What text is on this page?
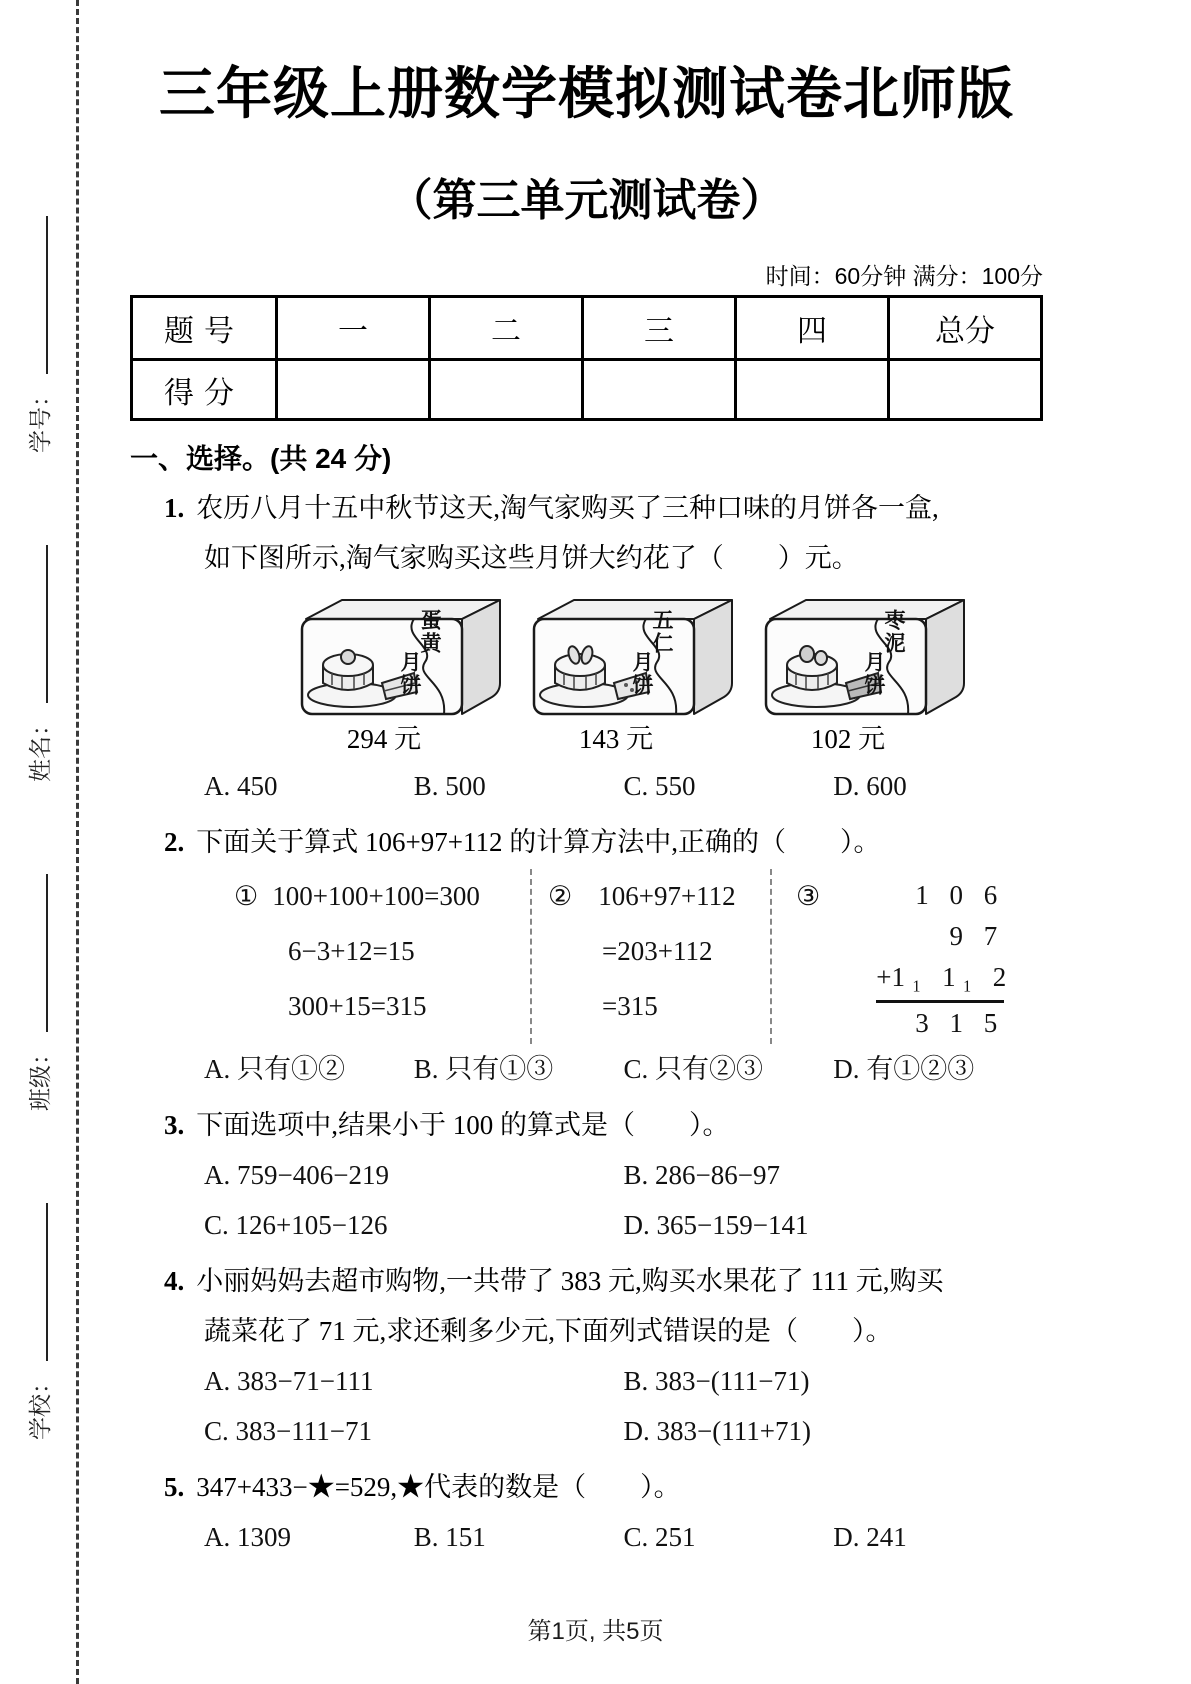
学校：
班级：
姓名：
学号：
三年级上册数学模拟测试卷北师版
（第三单元测试卷）
时间：60分钟 满分：100分
题号	一	二	三	四	总分
得分					
一、选择。(共 24 分)

1. 农历八月十五中秋节这天,淘气家购买了三种口味的月饼各一盒,

如下图所示,淘气家购买这些月饼大约花了（　　）元。

蛋黄
月饼
294 元
五仁
月饼
143 元
枣泥
月饼
102 元
A. 450	B. 500	C. 550	D. 600

2. 下面关于算式 106+97+112 的计算方法中,正确的（　　）。

① 100+100+100=300

6−3+12=15

300+15=315

② 106+97+112

=203+112

=315

③	1 0 6
9 7
+ 1₁ 1₁ 2
3 1 5
A. 只有①②	B. 只有①③	C. 只有②③	D. 有①②③

3. 下面选项中,结果小于 100 的算式是（　　）。

A. 759−406−219	B. 286−86−97
C. 126+105−126	D. 365−159−141

4. 小丽妈妈去超市购物,一共带了 383 元,购买水果花了 111 元,购买

蔬菜花了 71 元,求还剩多少元,下面列式错误的是（　　）。

A. 383−71−111	B. 383−(111−71)
C. 383−111−71	D. 383−(111+71)

5. 347+433−★=529,★代表的数是（　　）。

A. 1309	B. 151	C. 251	D. 241
第1页, 共5页
